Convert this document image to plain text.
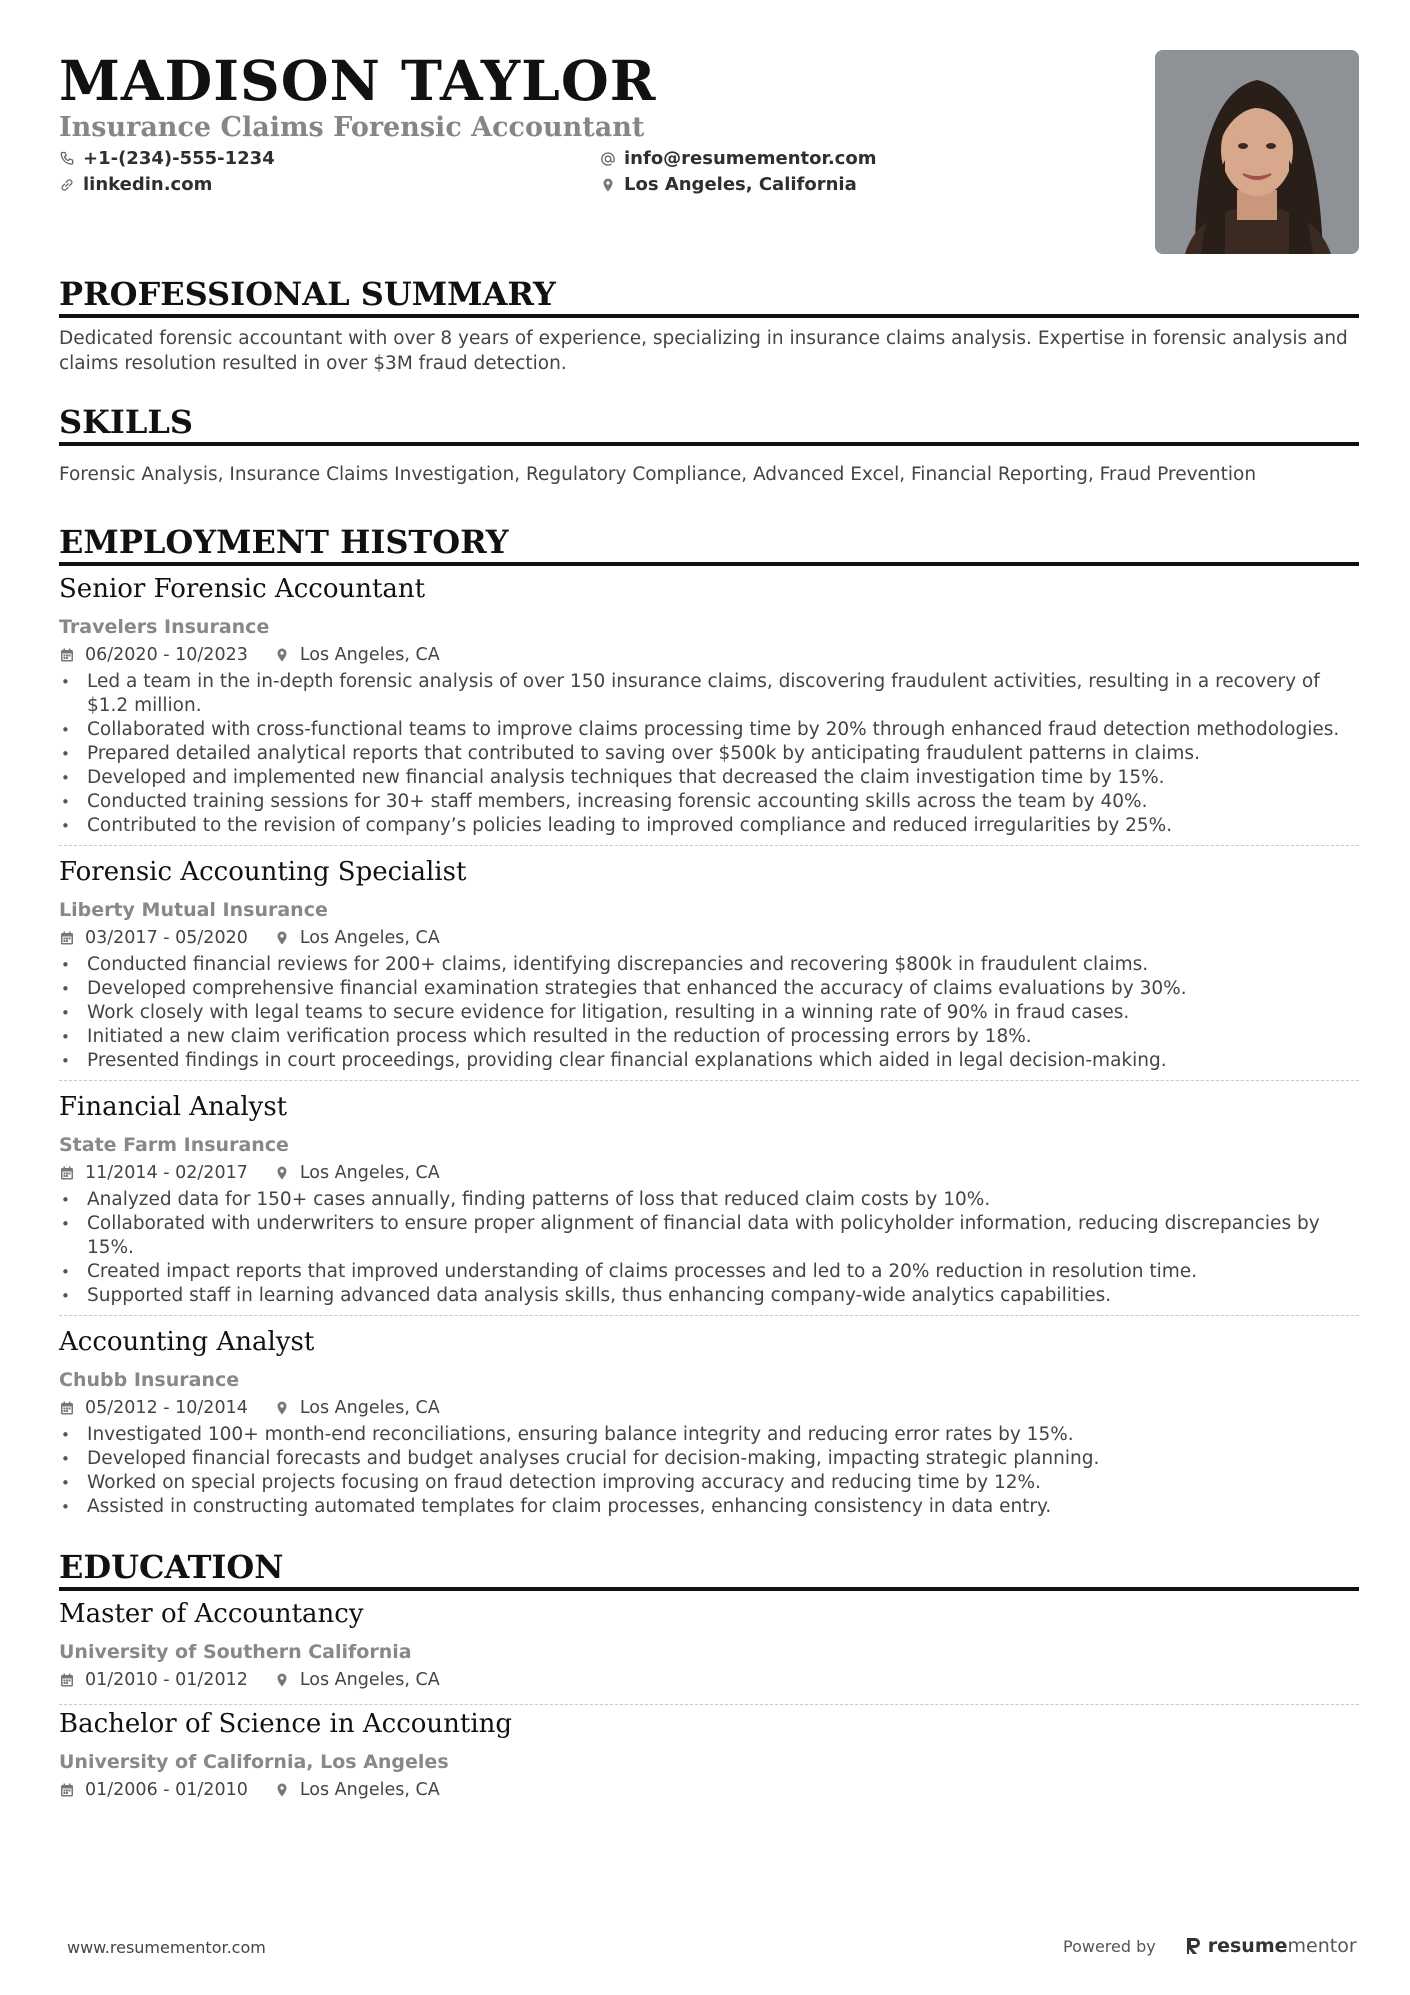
MADISON TAYLOR
Insurance Claims Forensic Accountant
+1-(234)-555-1234	info@resumementor.com
linkedin.com	Los Angeles, California
PROFESSIONAL SUMMARY
Dedicated forensic accountant with over 8 years of experience, specializing in insurance claims analysis. Expertise in forensic analysis and claims resolution resulted in over $3M fraud detection.
SKILLS
Forensic Analysis, Insurance Claims Investigation, Regulatory Compliance, Advanced Excel, Financial Reporting, Fraud Prevention
EMPLOYMENT HISTORY
Senior Forensic Accountant
Travelers Insurance
06/2020 - 10/2023	Los Angeles, CA
• Led a team in the in-depth forensic analysis of over 150 insurance claims, discovering fraudulent activities, resulting in a recovery of $1.2 million.
• Collaborated with cross-functional teams to improve claims processing time by 20% through enhanced fraud detection methodologies.
• Prepared detailed analytical reports that contributed to saving over $500k by anticipating fraudulent patterns in claims.
• Developed and implemented new financial analysis techniques that decreased the claim investigation time by 15%.
• Conducted training sessions for 30+ staff members, increasing forensic accounting skills across the team by 40%.
• Contributed to the revision of company’s policies leading to improved compliance and reduced irregularities by 25%.
Forensic Accounting Specialist
Liberty Mutual Insurance
03/2017 - 05/2020	Los Angeles, CA
• Conducted financial reviews for 200+ claims, identifying discrepancies and recovering $800k in fraudulent claims.
• Developed comprehensive financial examination strategies that enhanced the accuracy of claims evaluations by 30%.
• Work closely with legal teams to secure evidence for litigation, resulting in a winning rate of 90% in fraud cases.
• Initiated a new claim verification process which resulted in the reduction of processing errors by 18%.
• Presented findings in court proceedings, providing clear financial explanations which aided in legal decision-making.
Financial Analyst
State Farm Insurance
11/2014 - 02/2017	Los Angeles, CA
• Analyzed data for 150+ cases annually, finding patterns of loss that reduced claim costs by 10%.
• Collaborated with underwriters to ensure proper alignment of financial data with policyholder information, reducing discrepancies by 15%.
• Created impact reports that improved understanding of claims processes and led to a 20% reduction in resolution time.
• Supported staff in learning advanced data analysis skills, thus enhancing company-wide analytics capabilities.
Accounting Analyst
Chubb Insurance
05/2012 - 10/2014	Los Angeles, CA
• Investigated 100+ month-end reconciliations, ensuring balance integrity and reducing error rates by 15%.
• Developed financial forecasts and budget analyses crucial for decision-making, impacting strategic planning.
• Worked on special projects focusing on fraud detection improving accuracy and reducing time by 12%.
• Assisted in constructing automated templates for claim processes, enhancing consistency in data entry.
EDUCATION
Master of Accountancy
University of Southern California
01/2010 - 01/2012	Los Angeles, CA
Bachelor of Science in Accounting
University of California, Los Angeles
01/2006 - 01/2010	Los Angeles, CA
www.resumementor.com	Powered by	resume mentor
